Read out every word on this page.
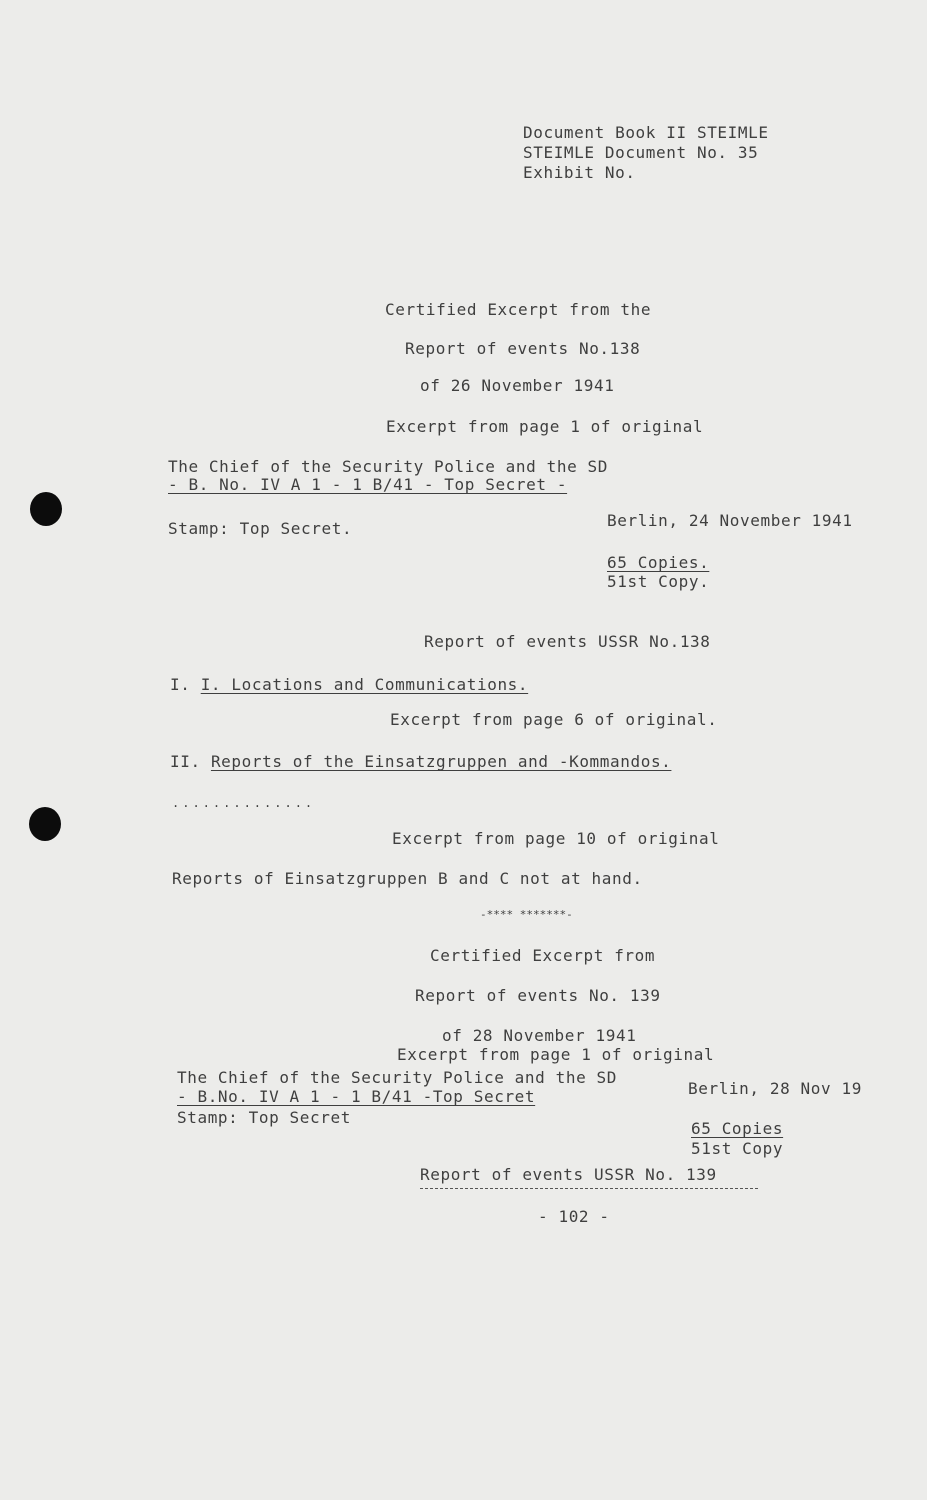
Document Book II STEIMLE
STEIMLE Document No. 35
Exhibit No.
Certified Excerpt from the
Report of events No.138
of 26 November 1941
Excerpt from page 1 of original
The Chief of the Security Police and the SD
- B. No. IV A 1 - 1 B/41 - Top Secret -
Stamp: Top Secret.	Berlin, 24 November 1941
65 Copies.
51st Copy.
Report of events USSR No.138
I. I. Locations and Communications.
Excerpt from page 6 of original.
II. Reports of the Einsatzgruppen and -Kommandos.
..............
Excerpt from page 10 of original
Reports of Einsatzgruppen B and C not at hand.
-**** *******-
Certified Excerpt from
Report of events No. 139
of 28 November 1941
Excerpt from page 1 of original
The Chief of the Security Police and the SD
- B.No. IV A 1 - 1 B/41 -Top Secret	Berlin, 28 Nov 19
Stamp: Top Secret
65 Copies
51st Copy
Report of events USSR No. 139
- 102 -
